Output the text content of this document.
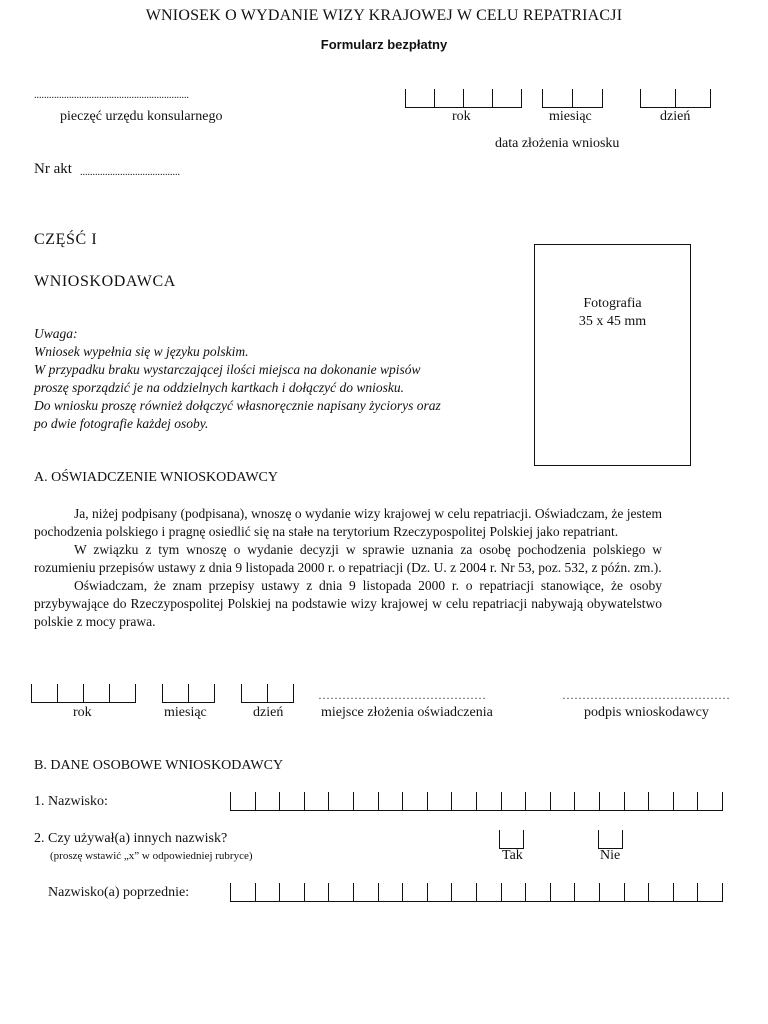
WNIOSEK O WYDANIE WIZY KRAJOWEJ W CELU REPATRIACJI
Formularz bezpłatny
..............................................................
pieczęć urzędu konsularnego	rok	miesiąc	dzień
data złożenia wniosku
Nr akt ........................................
CZĘŚĆ I
WNIOSKODAWCA
Fotografia
35 x 45 mm
Uwaga:
Wniosek wypełnia się w języku polskim.
W przypadku braku wystarczającej ilości miejsca na dokonanie wpisów
proszę sporządzić je na oddzielnych kartkach i dołączyć do wniosku.
Do wniosku proszę również dołączyć własnoręcznie napisany życiorys oraz
po dwie fotografie każdej osoby.
A. OŚWIADCZENIE WNIOSKODAWCY

Ja, niżej podpisany (podpisana), wnoszę o wydanie wizy krajowej w celu repatriacji. Oświadczam, że jestem pochodzenia polskiego i pragnę osiedlić się na stałe na terytorium Rzeczypospolitej Polskiej jako repatriant.

W związku z tym wnoszę o wydanie decyzji w sprawie uznania za osobę pochodzenia polskiego w rozumieniu przepisów ustawy z dnia 9 listopada 2000 r. o repatriacji (Dz. U. z 2004 r. Nr 53, poz. 532, z późn. zm.).

Oświadczam, że znam przepisy ustawy z dnia 9 listopada 2000 r. o repatriacji stanowiące, że osoby przybywające do Rzeczypospolitej Polskiej na podstawie wizy krajowej w celu repatriacji nabywają obywatelstwo polskie z mocy prawa.

……………………………………	……………………………………
rok	miesiąc	dzień	miejsce złożenia oświadczenia	podpis wnioskodawcy
B. DANE OSOBOWE WNIOSKODAWCY
1. Nazwisko:
2. Czy używał(a) innych nazwisk?
(proszę wstawić „x” w odpowiedniej rubryce)	Tak	Nie
Nazwisko(a) poprzednie:
